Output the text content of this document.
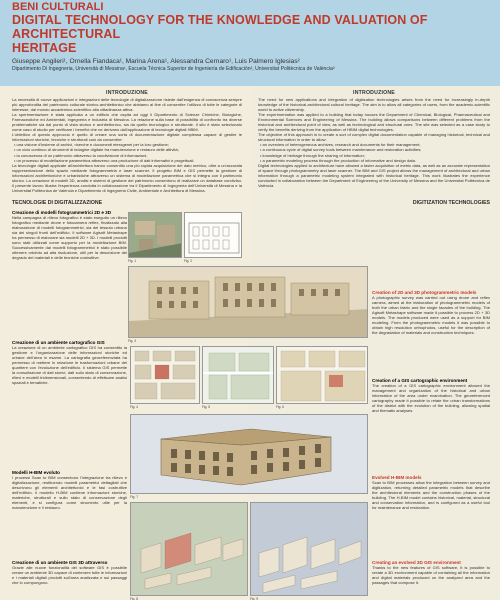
BENI CULTURALI
DIGITAL TECHNOLOGY FOR THE KNOWLEDGE AND VALUATION OF ARCHITECTURAL
HERITAGE
Giuseppe Angileri¹, Ornella Fiandaca¹, Marina Arena¹, Alessandra Cernaro¹, Luis Palmero Iglesias²
Dipartimento Di Ingegneria, Università di Messina¹, Escuela Técnica Superior de Ingeniería de Edificación², Universitat Politècnica de València²
INTRODUZIONE

La necessità di nuove applicazioni e integrazioni delle tecnologie di digitalizzazione risiede dall'esigenza di conoscenza sempre più approfondita del patrimonio culturale storico-architettonico che abbiamo al fine di consentire l'utilizzo di tutte le categorie di interesse, dal mondo accademico-scientifico alla cittadinanza attiva.

La sperimentazione è stata applicata a un edificio che ospita ad oggi il Dipartimento di Scienze Chimiche, Biologiche, Farmaceutiche ed Ambientali, ingegneria e Industria di Messina. La relazione sulla base di possibilità di confronto tra diverse problematiche sia dal punto di vista storico e architettonico, sia da quello tecnologico e strutturale. Il sito è stato selezionato come caso di studio per verificare i benefici che ne derivano dall'applicazione di tecnologie digitali HBIM.

L'obiettivo di questo approccio è quello di creare una sorta di documentazione digitale complessa capace di gestire le informazioni storiche, tecniche e strutturali così da consentire:

• una visione d'insieme di archivi, ricerche e documenti eterogenei per la loro gestione;
• un ciclo continuo di strumenti di indagine digitale fra manutenzione e restauro delle attività;
• la conoscenza di un patrimonio attraverso la condivisione di informazioni;
• un processo di modellazione parametrica attraverso una produzione di dati informativi e progettuali.

La tecnologie digitali applicate all'architettura hanno consentito una più rapida acquisizione del dato metrico, oltre a un'accurata rappresentazione dello spazio mediante fotogrammetria e laser scanner. Il progetto BIM e GIS permette la gestione di informazioni architettoniche e urbanistiche attraverso un sistema di modellazione parametrica che si integra con il patrimonio storico. La creazione di modelli 3D, analisi e sistemi di gestione del patrimonio consentono di realizzare un database condiviso. Il presente lavoro illustra l'esperienza condotta in collaborazione tra il Dipartimento di Ingegneria dell'Università di Messina e la Universitat Politècnica de València e Dipartimento di Ingegneria Civile, Ambientale e Architettura di Messina.

INTRODUZIONE

The need for new applications and integration of digitization technologies arises from the need for increasingly in-depth knowledge of the historical-architectural cultural heritage. The aim is to allow all categories of users, from the academic-scientific world to active citizenship.

The experimentation was applied to a building that today houses the Department of Chemical, Biological, Pharmaceutical and Environmental Sciences and Engineering of Messina. The building allows comparisons between different problems from the historical and architectural point of view, as well as technological and structural ones. The site was selected as a case study to verify the benefits deriving from the application of HBIM digital technologies.

The objective of this approach is to create a sort of complex digital documentation capable of managing historical, technical and structural information in order to allow:

• an overview of heterogeneous archives, research and documents for their management;
• a continuous cycle of digital survey tools between maintenance and restoration activities;
• knowledge of heritage through the sharing of information;
• a parametric modeling process through the production of informative and design data.

Digital technologies applied to architecture have allowed a faster acquisition of metric data, as well as an accurate representation of space through photogrammetry and laser scanner. The BIM and GIS project allows the management of architectural and urban information through a parametric modeling system integrated with historical heritage. This work illustrates the experience conducted in collaboration between the Department of Engineering of the University of Messina and the Universitat Politècnica de València.

TECNOLOGIE DI DIGITALIZZAZIONE	DIGITIZATION TECHNOLOGIES
Creazione di modelli fotogrammetrici 2D e 3D

Nella campagna di rilievo fotografico è stato eseguito un rilievo fotografico mediante drone e fotocamera reflex, finalizzato alla elaborazione di modelli fotogrammetrici, sia del tessuto urbano sia dei singoli fronti dell'edificio. Il software Agisoft Metashape ha permesso di elaborare sia modelli 2D + 3D. I modelli prodotti sono stati utilizzati come supporto per la modellazione BIM. Successivamente dai modelli fotogrammetrici è stato possibile ottenere ortofoto ad alta risoluzione, utili per la descrizione del degrado dei materiali e delle tecniche costruttive.

Creazione di un ambiente cartografico GIS

La creazione di un ambiente cartografico GIS ha consentito la gestione e l'organizzazione delle informazioni storiche ed urbane dell'area in esame. La cartografia georeferenziata ha permesso di mettere in relazione le trasformazioni urbane del quartiere con l'evoluzione dell'edificio. Il sistema GIS permette la consultazione di dati storici, dati sullo stato di conservazione, rilievi e modelli tridimensionali, consentendo di effettuare analisi spaziali e tematiche.

Modelli H-BIM evoluto

I processi Scan to BIM consentono l'integrazione tra rilievo e digitalizzazione, restituendo modelli parametrici dettagliati che descrivono gli elementi architettonici e le fasi costruttive dell'edificio. Il modello H-BIM contiene informazioni storiche, materiche, strutturali e sullo stato di conservazione degli elementi, e si configura come strumento utile per la manutenzione e il restauro.

Creazione di un ambiente GIS 3D attraverso

Grazie alle nuove funzionalità del software GIS è possibile creare un ambiente 3D capace di contenere tutte le informazioni e i materiali digitali prodotti sull'area analizzata e sui passaggi che lo compongono.

Creation of 2D and 3D photogrammetric models

A photographic survey was carried out using drone and reflex camera, aimed at the elaboration of photogrammetric models of both the urban fabric and the single facades of the building. The Agisoft Metashape software made it possible to process 2D + 3D models. The models produced were used as a support for BIM modeling. From the photogrammetric models it was possible to obtain high resolution orthophotos, useful for the description of the degradation of materials and construction techniques.

Creation of a GIS cartographic environment

The creation of a GIS cartographic environment allowed the management and organization of the historical and urban information of the area under examination. The georeferenced cartography made it possible to relate the urban transformations of the district with the evolution of the building, allowing spatial and thematic analyses.

Evolved H-BIM models

Scan to BIM processes allow the integration between survey and digitization, returning detailed parametric models that describe the architectural elements and the construction phases of the building. The H-BIM model contains historical, material, structural and conservation information, and is configured as a useful tool for maintenance and restoration.

Creating an evolved 3D GIS environment

Thanks to the new features of GIS software, it is possible to create a 3D environment capable of containing all the information and digital materials produced on the analyzed area and the passages that compose it.

Fig. 1	Fig. 2
Fig. 3
Fig. 4	Fig. 5	Fig. 6
Fig. 7
Fig. 8	Fig. 9
